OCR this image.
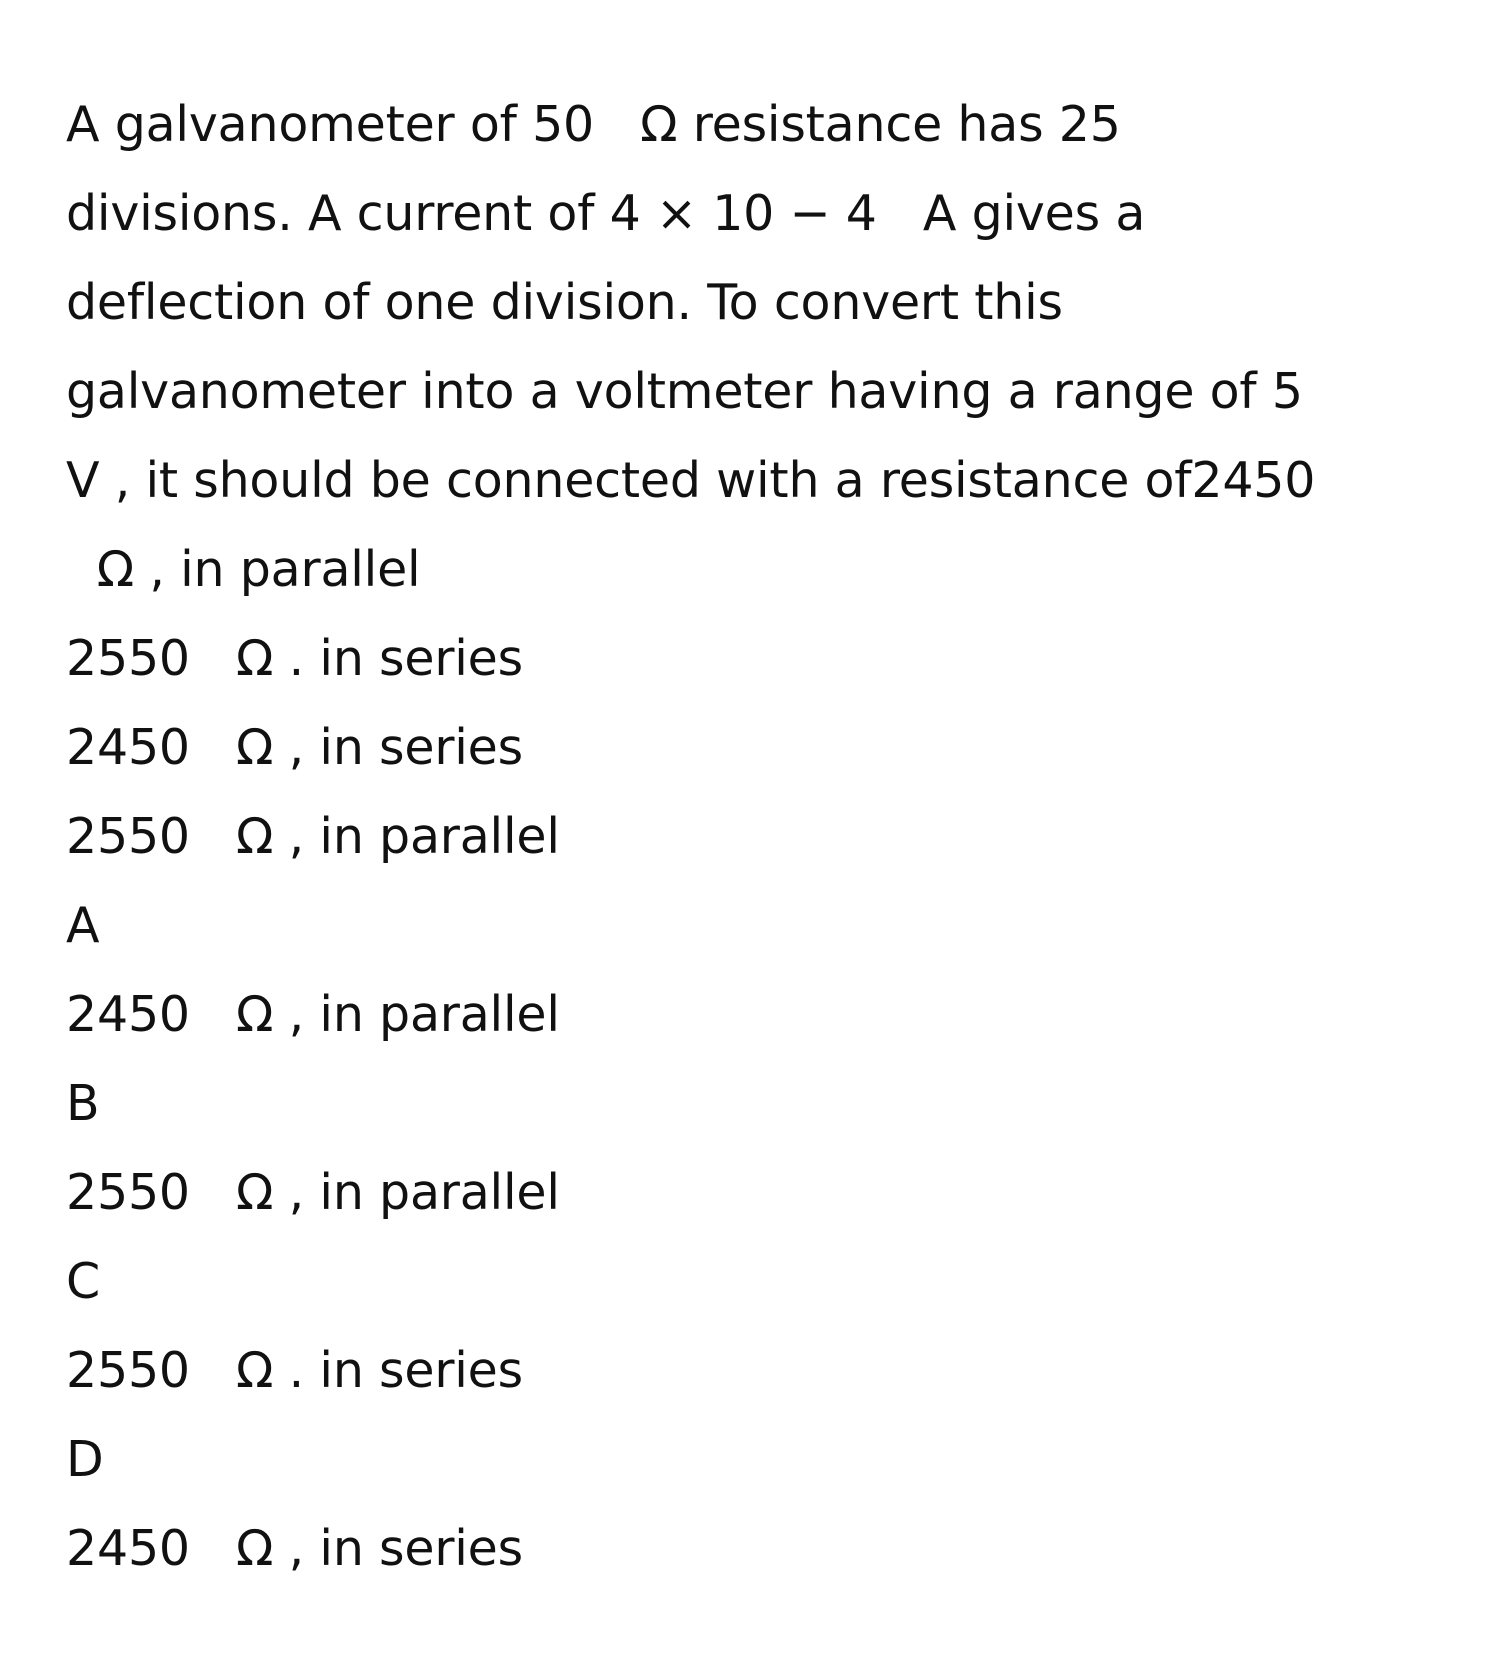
A galvanometer of 50   Ω resistance has 25
divisions. A current of 4 × 10 − 4   A gives a
deflection of one division. To convert this
galvanometer into a voltmeter having a range of 5
V , it should be connected with a resistance of2450
Ω , in parallel
2550   Ω . in series
2450   Ω , in series
2550   Ω , in parallel
A
2450   Ω , in parallel
B
2550   Ω , in parallel
C
2550   Ω . in series
D
2450   Ω , in series
